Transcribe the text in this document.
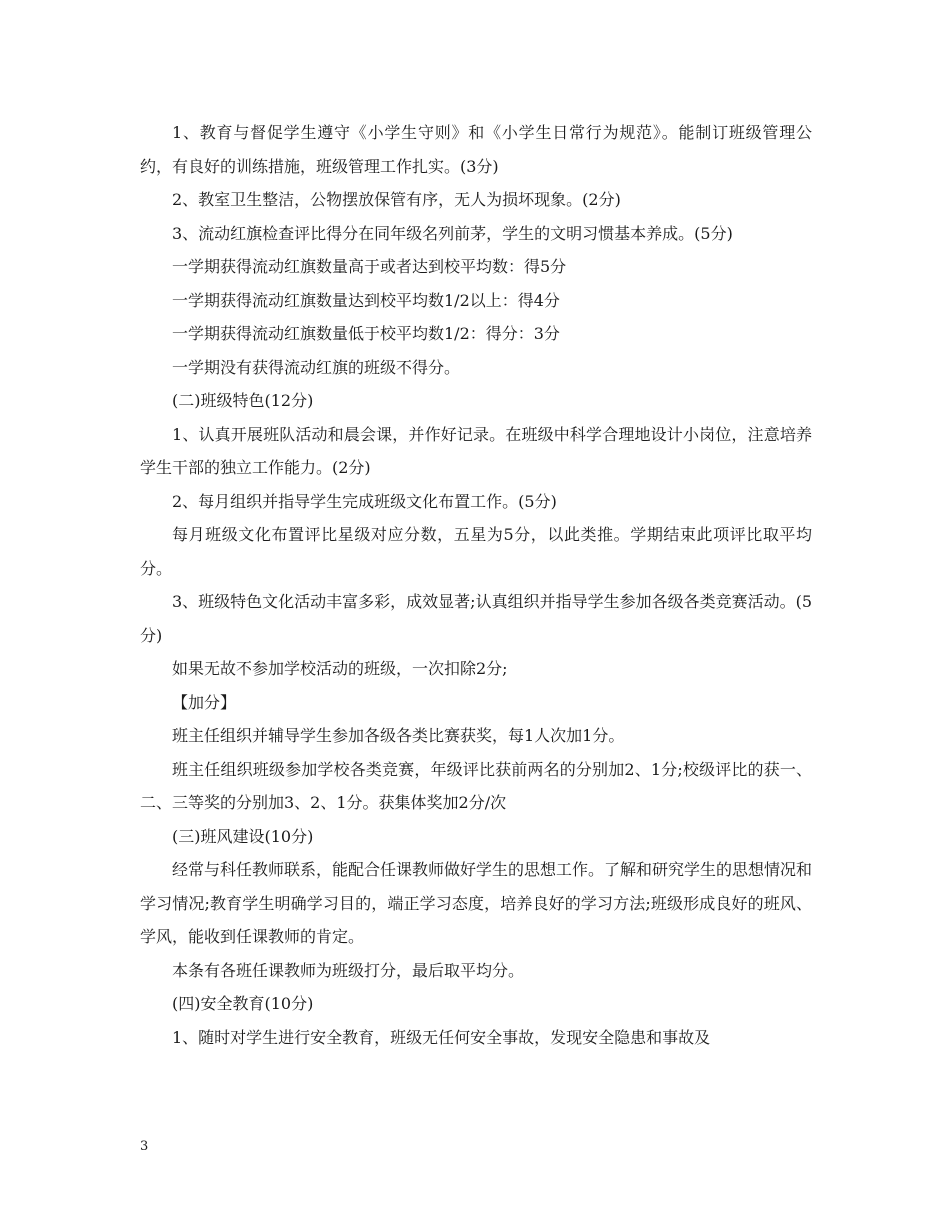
1、教育与督促学生遵守《小学生守则》和《小学生日常行为规范》。能制订班级管理公约，有良好的训练措施，班级管理工作扎实。(3分)

2、教室卫生整洁，公物摆放保管有序，无人为损坏现象。(2分)

3、流动红旗检查评比得分在同年级名列前茅，学生的文明习惯基本养成。(5分)

一学期获得流动红旗数量高于或者达到校平均数：得5分

一学期获得流动红旗数量达到校平均数1/2以上：得4分

一学期获得流动红旗数量低于校平均数1/2：得分：3分

一学期没有获得流动红旗的班级不得分。

(二)班级特色(12分)

1、认真开展班队活动和晨会课，并作好记录。在班级中科学合理地设计小岗位，注意培养学生干部的独立工作能力。(2分)

2、每月组织并指导学生完成班级文化布置工作。(5分)

每月班级文化布置评比星级对应分数，五星为5分，以此类推。学期结束此项评比取平均分。

3、班级特色文化活动丰富多彩，成效显著;认真组织并指导学生参加各级各类竞赛活动。(5分)

如果无故不参加学校活动的班级，一次扣除2分;

【加分】

班主任组织并辅导学生参加各级各类比赛获奖，每1人次加1分。

班主任组织班级参加学校各类竞赛，年级评比获前两名的分别加2、1分;校级评比的获一、二、三等奖的分别加3、2、1分。获集体奖加2分/次

(三)班风建设(10分)

经常与科任教师联系，能配合任课教师做好学生的思想工作。了解和研究学生的思想情况和学习情况;教育学生明确学习目的，端正学习态度，培养良好的学习方法;班级形成良好的班风、学风，能收到任课教师的肯定。

本条有各班任课教师为班级打分，最后取平均分。

(四)安全教育(10分)

1、随时对学生进行安全教育，班级无任何安全事故，发现安全隐患和事故及

3
